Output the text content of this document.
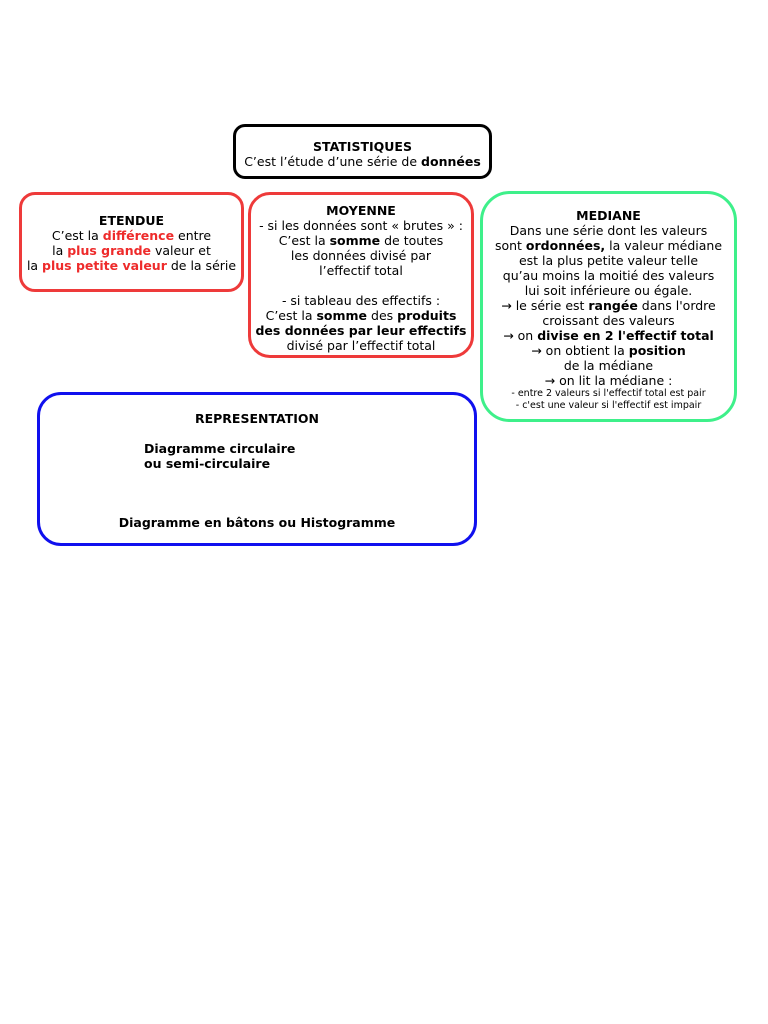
STATISTIQUES
C’est l’étude d’une série de données
ETENDUE
C’est la différence entre
la plus grande valeur et
la plus petite valeur de la série
MOYENNE
- si les données sont « brutes » :
C’est la somme de toutes
les données divisé par
l’effectif total

- si tableau des effectifs :
C’est la somme des produits
des données par leur effectifs
divisé par l’effectif total
MEDIANE
Dans une série dont les valeurs
sont ordonnées, la valeur médiane
est la plus petite valeur telle
qu’au moins la moitié des valeurs
lui soit inférieure ou égale.
→ le série est rangée dans l'ordre
croissant des valeurs
→ on divise en 2 l'effectif total
→ on obtient la position
de la médiane
→ on lit la médiane :
- entre 2 valeurs si l'effectif total est pair
- c'est une valeur si l'effectif est impair
REPRESENTATION
Diagramme circulaire
ou semi-circulaire
Diagramme en bâtons ou Histogramme
